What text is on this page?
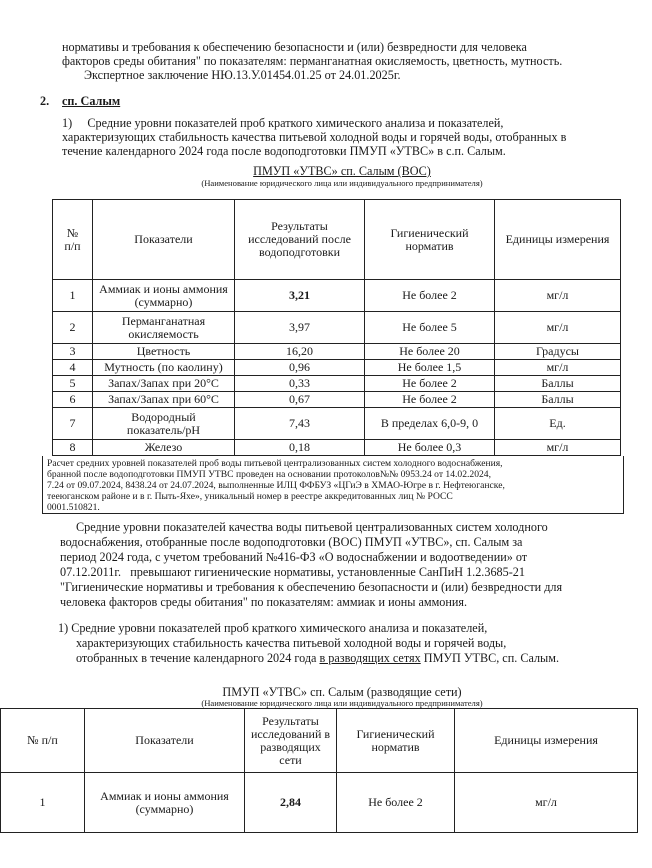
нормативы и требования к обеспечению безопасности и (или) безвредности для человека
факторов среды обитания" по показателям: перманганатная окисляемость, цветность, мутность.
Экспертное заключение НЮ.13.У.01454.01.25 от 24.01.2025г.
2. сп. Салым
1)     Средние уровни показателей проб краткого химического анализа и показателей,
характеризующих стабильность качества питьевой холодной воды и горячей воды, отобранных в
течение календарного 2024 года после водоподготовки ПМУП «УТВС» в с.п. Салым.
ПМУП «УТВС» сп. Салым (ВОС)
(Наименование юридического лица или индивидуального предпринимателя)
№
п/п	Показатели	Результаты исследований после водоподготовки	Гигиенический норматив	Единицы измерения
1	Аммиак и ионы аммония (суммарно)	3,21	Не более 2	мг/л
2	Перманганатная окисляемость	3,97	Не более 5	мг/л
3	Цветность	16,20	Не более 20	Градусы
4	Мутность (по каолину)	0,96	Не более 1,5	мг/л
5	Запах/Запах при 20°С	0,33	Не более 2	Баллы
6	Запах/Запах при 60°С	0,67	Не более 2	Баллы
7	Водородный показатель/pH	7,43	В пределах 6,0-9, 0	Ед.
8	Железо	0,18	Не более 0,3	мг/л
Расчет средних уровней показателей проб воды питьевой централизованных систем холодного водоснабжения,
бранной после водоподготовки ПМУП УТВС проведен на основании протоколов№№ 0953.24 от 14.02.2024,
7.24 от 09.07.2024, 8438.24 от 24.07.2024, выполненные ИЛЦ ФФБУЗ «ЦГиЭ в ХМАО-Югре в г. Нефтеюганске,
тееюганском районе и в г. Пыть-Яхе», уникальный номер в реестре аккредитованных лиц № РОСС
0001.510821.
Средние уровни показателей качества воды питьевой централизованных систем холодного
водоснабжения, отобранные после водоподготовки (ВОС) ПМУП «УТВС», сп. Салым за
период 2024 года, с учетом требований №416-ФЗ «О водоснабжении и водоотведении» от
07.12.2011г.   превышают гигиенические нормативы, установленные СанПиН 1.2.3685-21
"Гигиенические нормативы и требования к обеспечению безопасности и (или) безвредности для
человека факторов среды обитания" по показателям: аммиак и ионы аммония.
1) Средние уровни показателей проб краткого химического анализа и показателей,
характеризующих стабильность качества питьевой холодной воды и горячей воды,
отобранных в течение календарного 2024 года в разводящих сетях ПМУП УТВС, сп. Салым.
ПМУП «УТВС» сп. Салым (разводящие сети)
(Наименование юридического лица или индивидуального предпринимателя)
№ п/п	Показатели	Результаты исследований в разводящих сети	Гигиенический норматив	Единицы измерения
1	Аммиак и ионы аммония (суммарно)	2,84	Не более 2	мг/л
